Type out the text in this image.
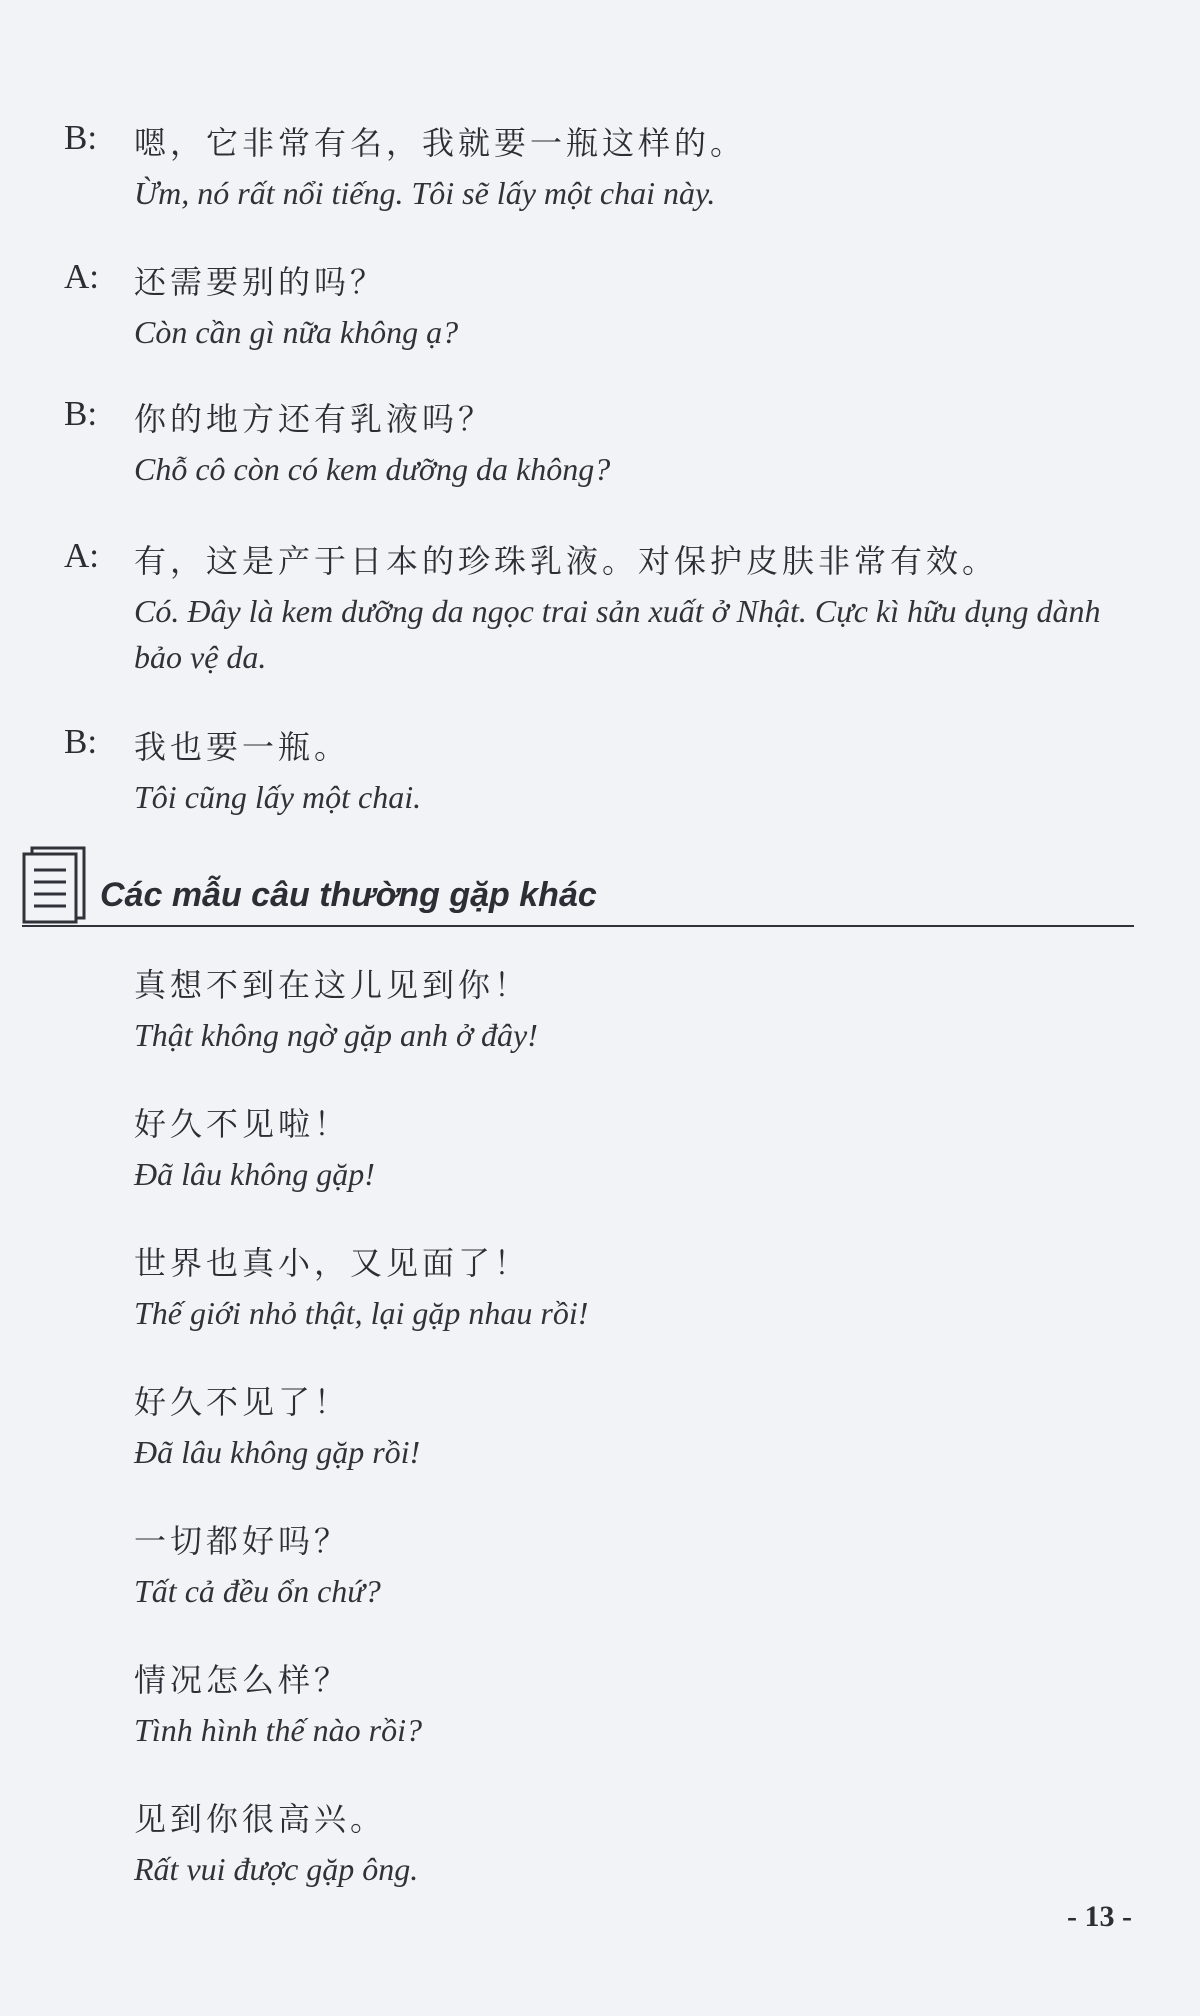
B: 嗯，它非常有名，我就要一瓶这样的。
Ừm, nó rất nổi tiếng. Tôi sẽ lấy một chai này.
A: 还需要别的吗？
Còn cần gì nữa không ạ?
B: 你的地方还有乳液吗？
Chỗ cô còn có kem dưỡng da không?
A: 有，这是产于日本的珍珠乳液。对保护皮肤非常有效。
Có. Đây là kem dưỡng da ngọc trai sản xuất ở Nhật. Cực kì hữu dụng dành bảo vệ da.
B: 我也要一瓶。
Tôi cũng lấy một chai.
Các mẫu câu thường gặp khác
真想不到在这儿见到你！
Thật không ngờ gặp anh ở đây!
好久不见啦！
Đã lâu không gặp!
世界也真小，又见面了！
Thế giới nhỏ thật, lại gặp nhau rồi!
好久不见了！
Đã lâu không gặp rồi!
一切都好吗？
Tất cả đều ổn chứ?
情况怎么样？
Tình hình thế nào rồi?
见到你很高兴。
Rất vui được gặp ông.
- 13 -
